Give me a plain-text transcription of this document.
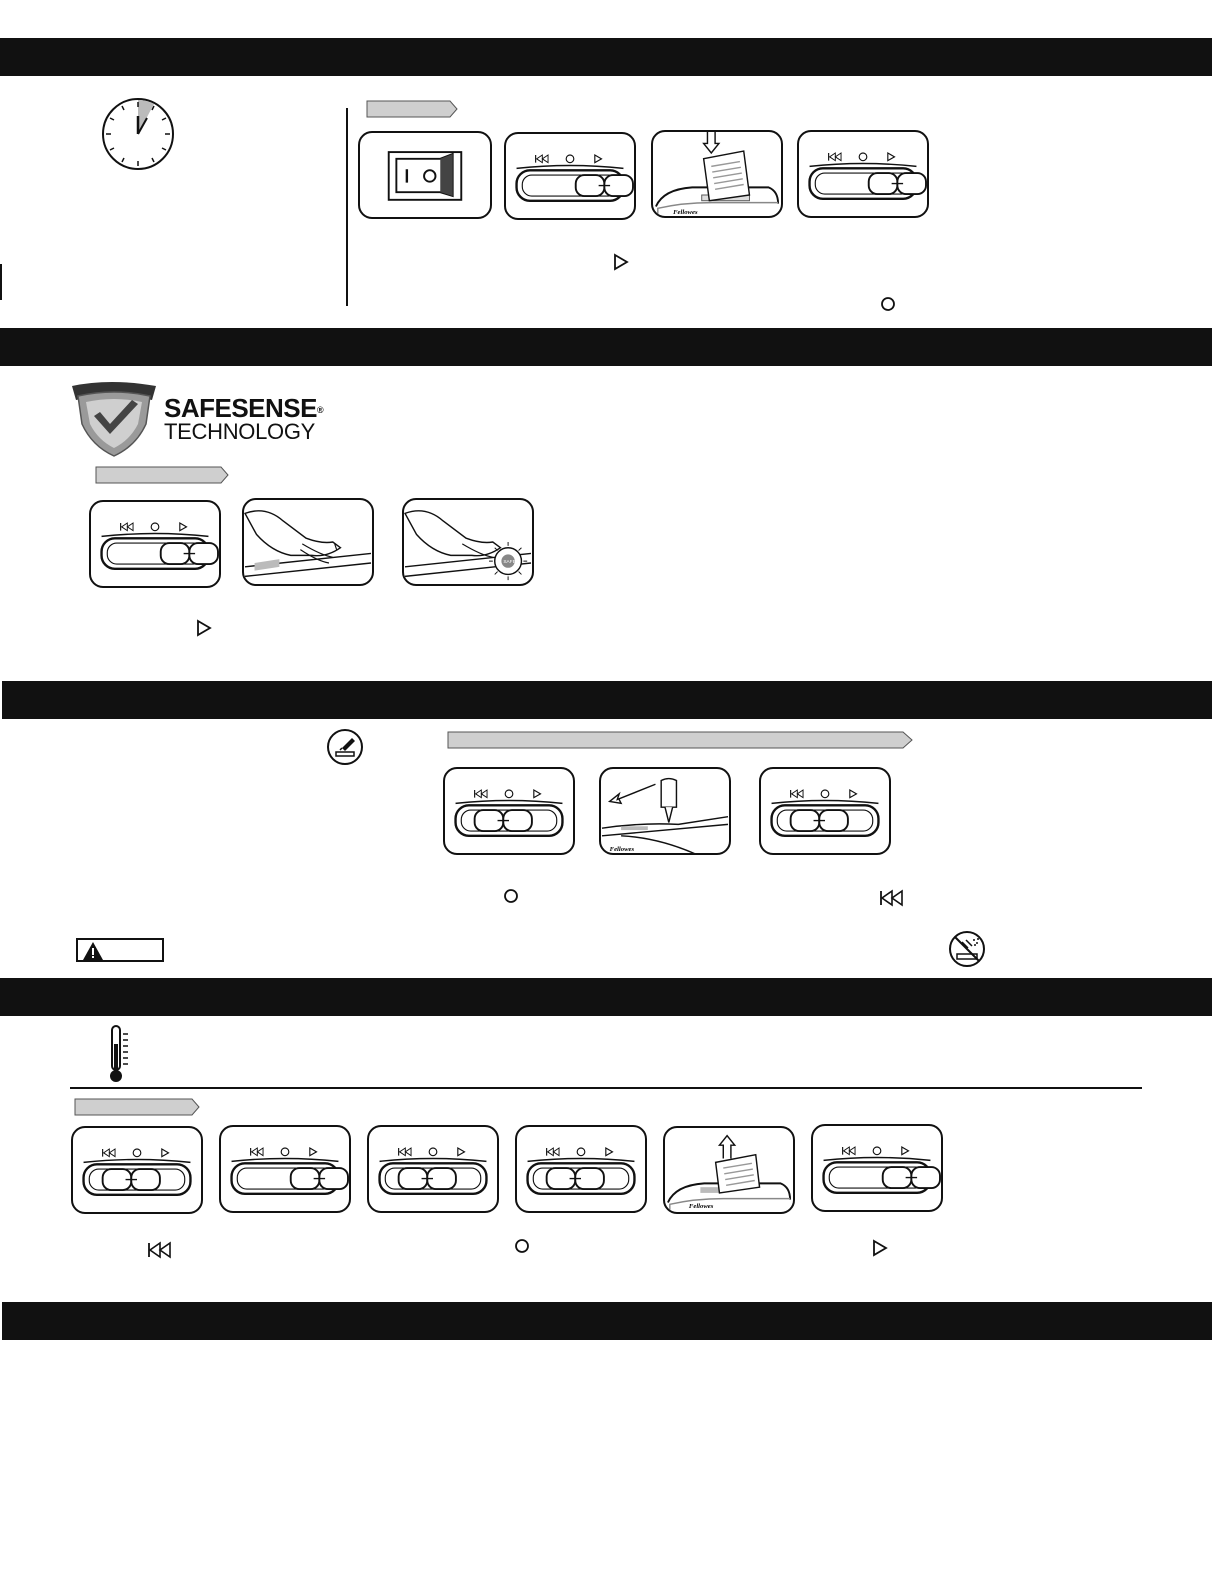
Fellowes
SAFESENSE®
TECHNOLOGY
SAFE
Fellowes
Fellowes
